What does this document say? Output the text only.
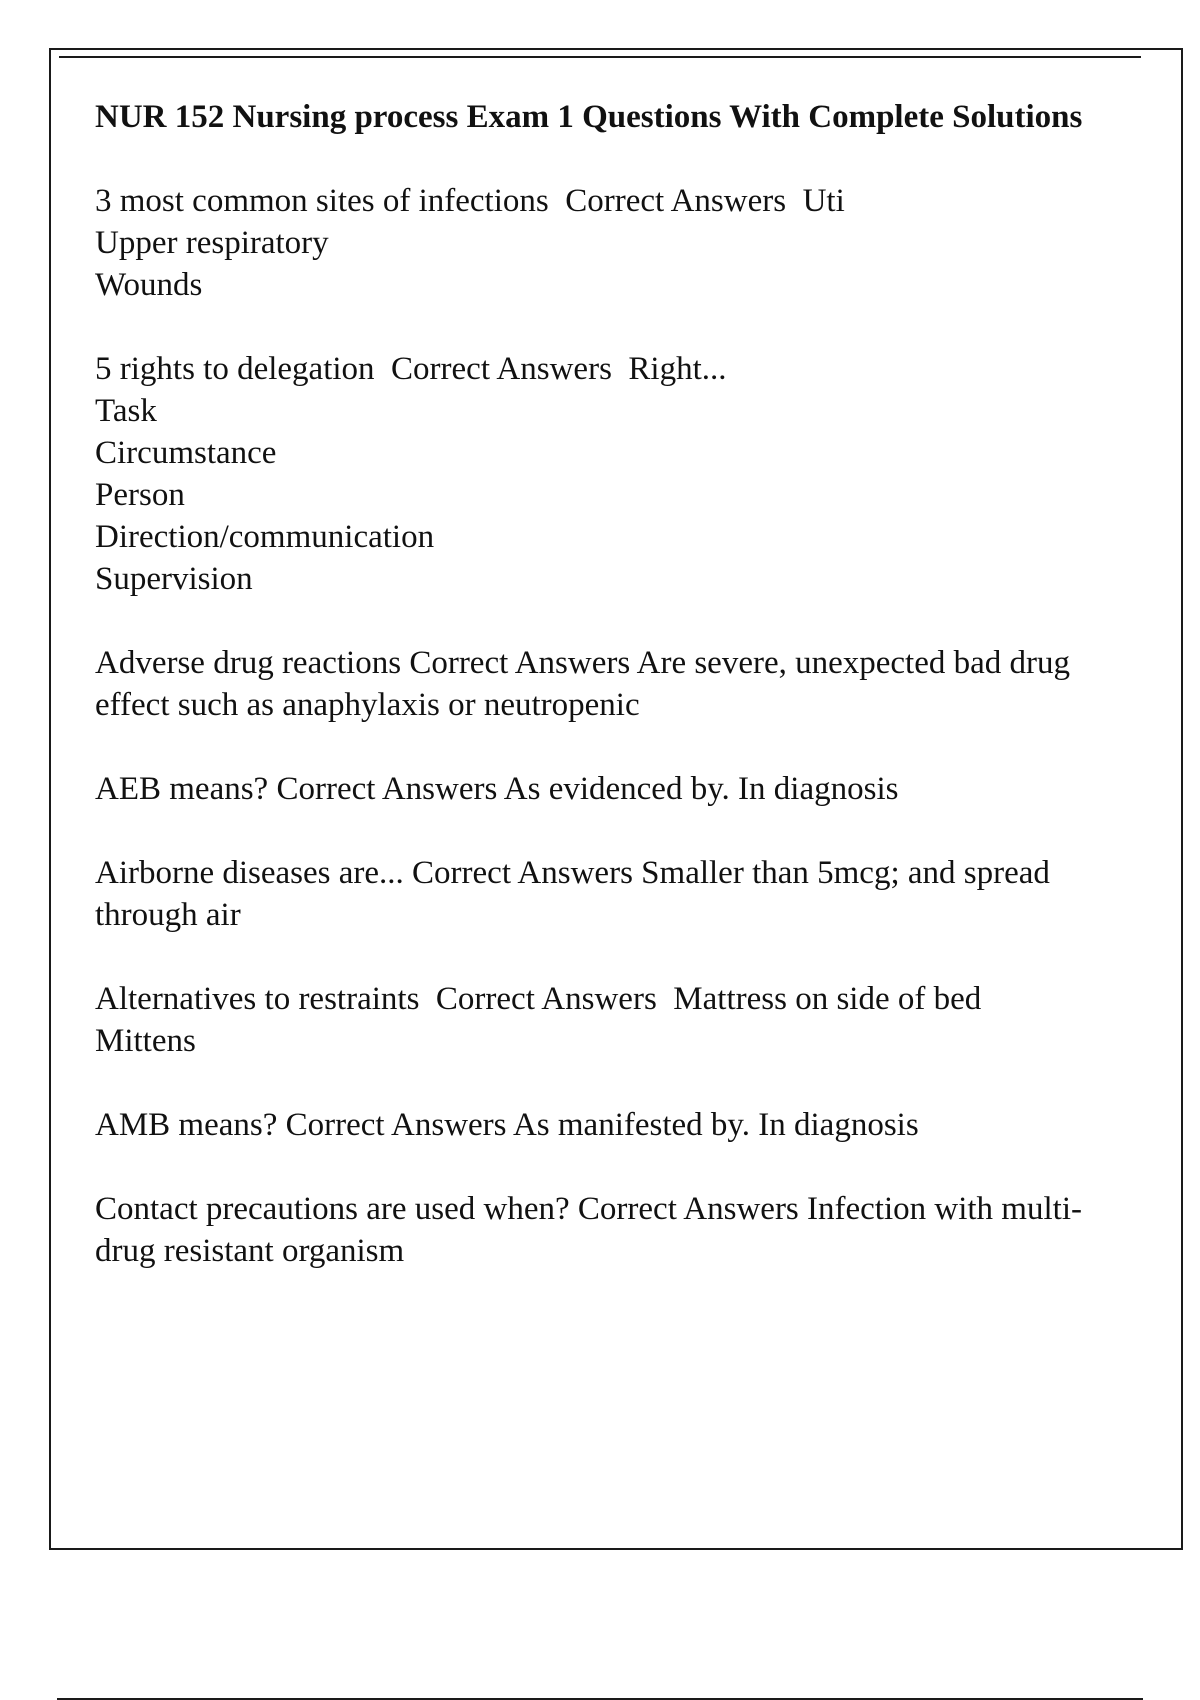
NUR 152 Nursing process Exam 1 Questions With Complete Solutions
3 most common sites of infections Correct Answers Uti
Upper respiratory
Wounds
5 rights to delegation Correct Answers Right...
Task
Circumstance
Person
Direction/communication
Supervision
Adverse drug reactions Correct Answers Are severe, unexpected bad drug effect such as anaphylaxis or neutropenic
AEB means? Correct Answers As evidenced by. In diagnosis
Airborne diseases are... Correct Answers Smaller than 5mcg; and spread through air
Alternatives to restraints Correct Answers Mattress on side of bed
Mittens
AMB means? Correct Answers As manifested by. In diagnosis
Contact precautions are used when? Correct Answers Infection with multi-drug resistant organism
